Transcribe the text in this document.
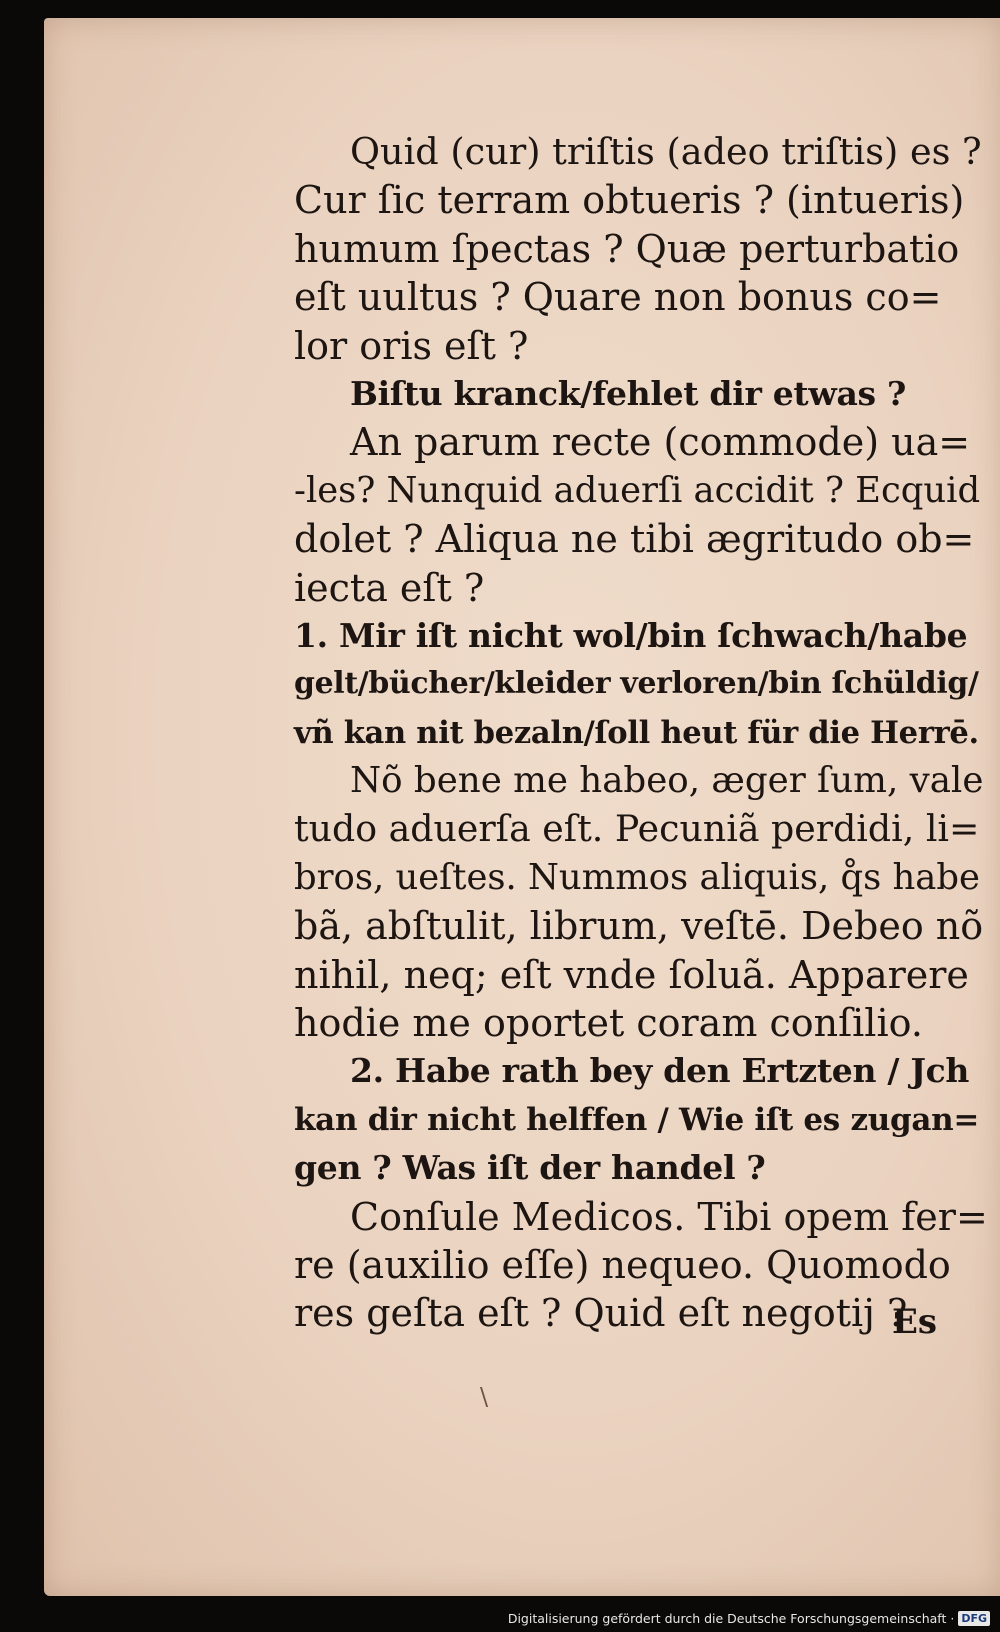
Quid (cur) triſtis (adeo triſtis) es ?
Cur ſic terram obtueris ? (intueris)
humum ſpectas ? Quæ perturbatio
eſt uultus ? Quare non bonus co=
lor oris eſt ?
Biſtu kranck/fehlet dir etwas ?
An parum recte (commode) ua=
-les? Nunquid aduerſi accidit ? Ecquid
dolet ? Aliqua ne tibi ægritudo ob=
iecta eſt ?
1. Mir iſt nicht wol/bin ſchwach/habe
gelt/bücher/kleider verloren/bin ſchüldig/
vñ kan nit bezaln/ſoll heut für die Herrē.
Nõ bene me habeo, æger ſum, vale
tudo aduerſa eſt. Pecuniã perdidi, li=
bros, ueſtes. Nummos aliquis, q̊s habe
bã, abſtulit, librum, veſtē. Debeo nõ
nihil, neq; eſt vnde ſoluã. Apparere
hodie me oportet coram conſilio.
2. Habe rath bey den Ertzten / Jch
kan dir nicht helffen / Wie iſt es zugan=
gen ? Was iſt der handel ?
Conſule Medicos. Tibi opem fer=
re (auxilio eſſe) nequeo. Quomodo
res geſta eſt ? Quid eſt negotij ?
Es
\
Digitalisierung gefördert durch die Deutsche Forschungsgemeinschaft · DFG
